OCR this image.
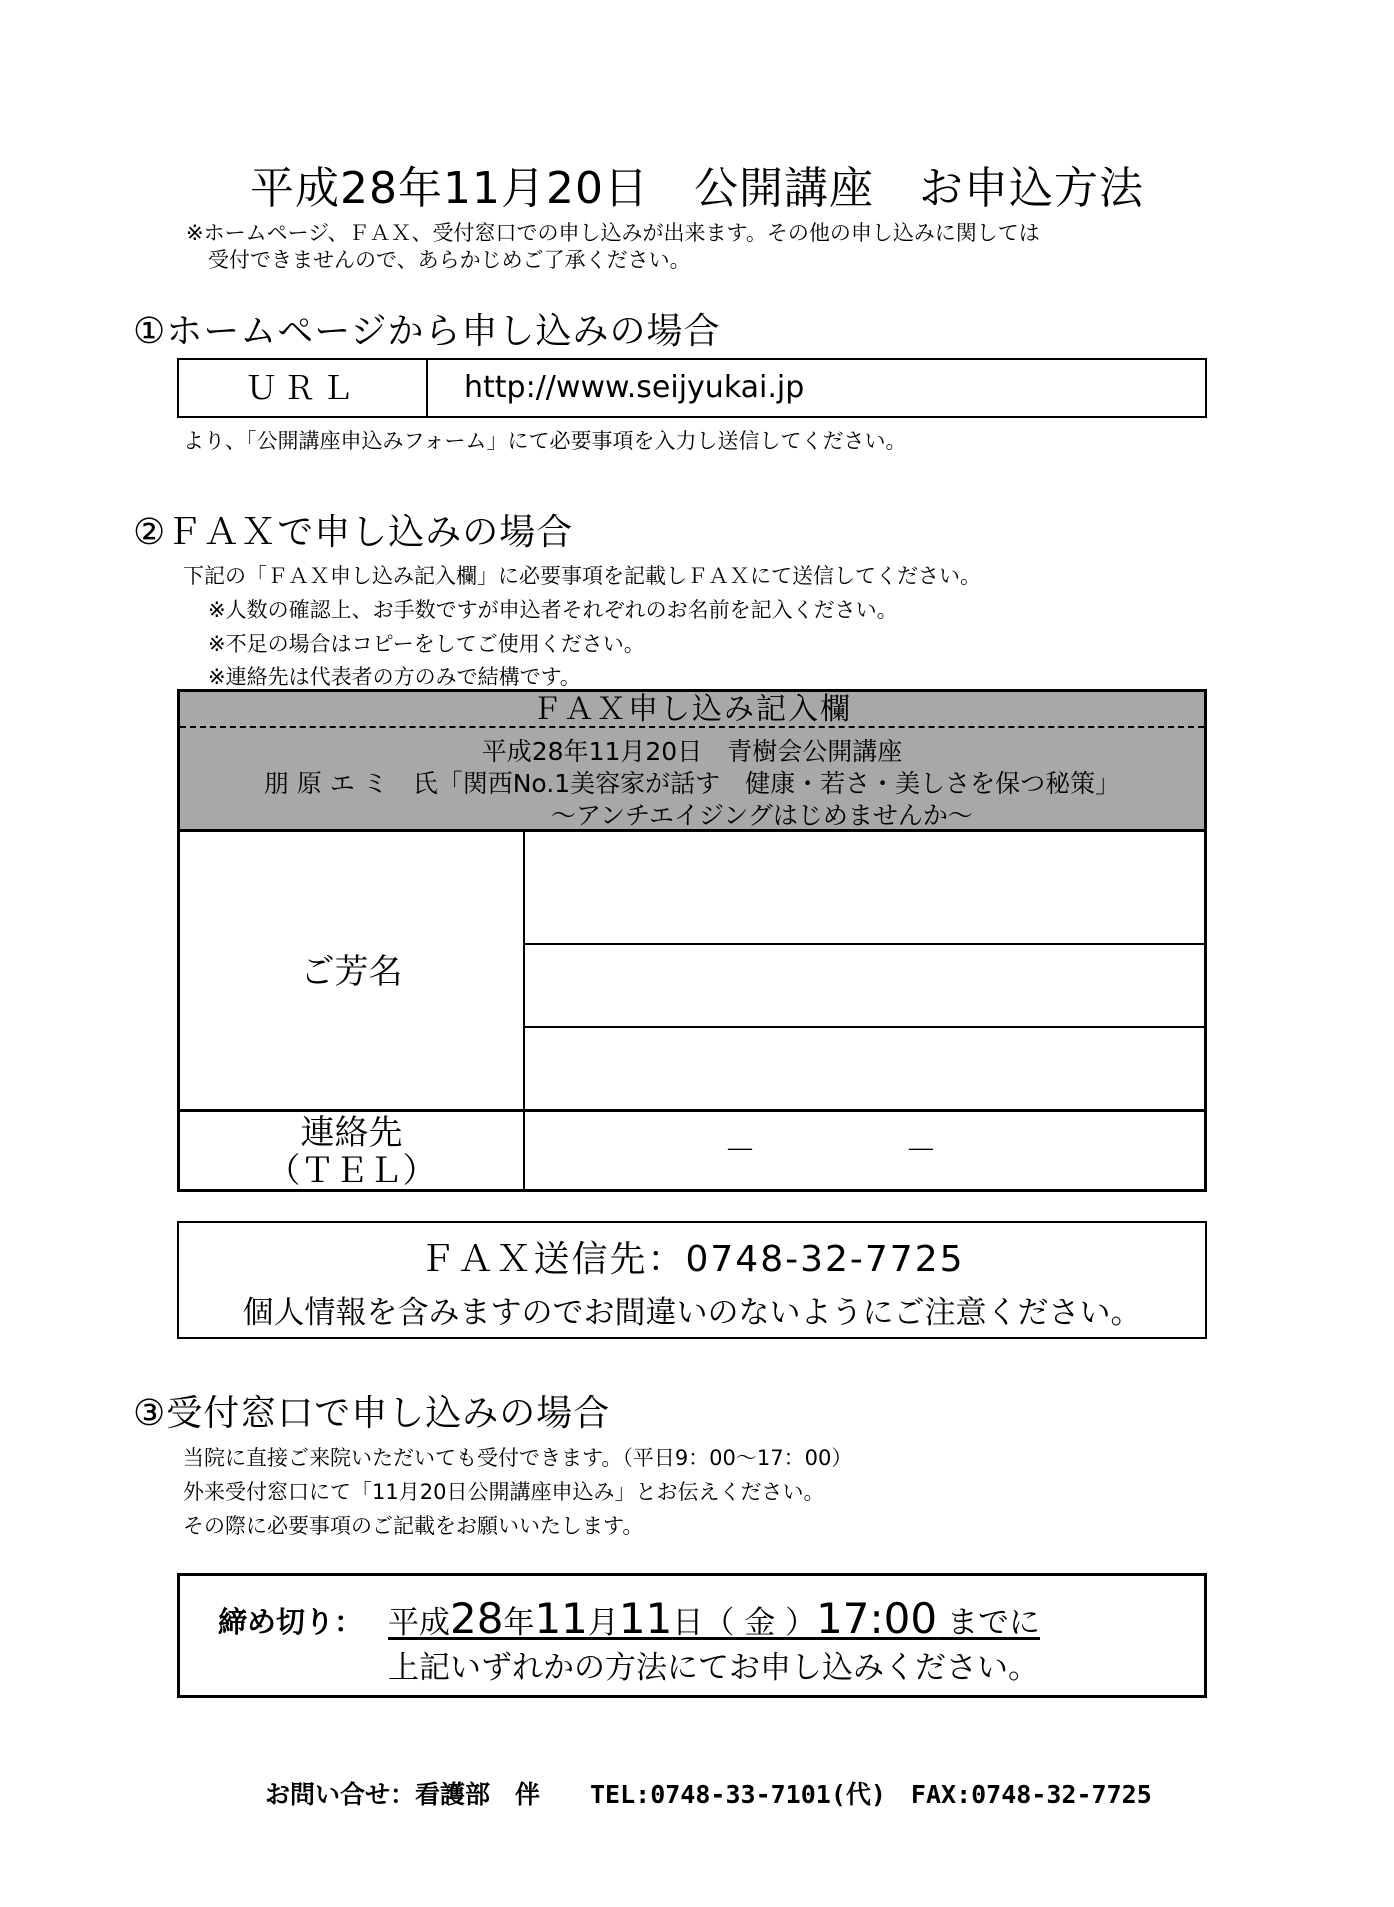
平成28年11月20日　公開講座　お申込方法
※ホームページ、ＦＡＸ、受付窓口での申し込みが出来ます。その他の申し込みに関しては
受付できませんので、あらかじめご了承ください。
①ホームページから申し込みの場合
ＵＲＬ	http://www.seijyukai.jp
より、「公開講座申込みフォーム」にて必要事項を入力し送信してください。
②ＦＡＸで申し込みの場合
下記の「ＦＡＸ申し込み記入欄」に必要事項を記載しＦＡＸにて送信してください。
※人数の確認上、お手数ですが申込者それぞれのお名前を記入ください。
※不足の場合はコピーをしてご使用ください。
※連絡先は代表者の方のみで結構です。
ＦＡＸ申し込み記入欄
平成28年11月20日　青樹会公開講座
朋 原 エ ミ　氏「関西No.1美容家が話す　健康・若さ・美しさを保つ秘策」
～アンチエイジングはじめませんか～
ご芳名
連絡先
（ＴＥＬ）
－	－
ＦＡＸ送信先：0748-32-7725
個人情報を含みますのでお間違いのないようにご注意ください。
③受付窓口で申し込みの場合
当院に直接ご来院いただいても受付できます。（平日9：00～17：00）
外来受付窓口にて「11月20日公開講座申込み」とお伝えください。
その際に必要事項のご記載をお願いいたします。
締め切り： 平成28年11月11日（ 金 ）17:00 までに
上記いずれかの方法にてお申し込みください。
お問い合せ：看護部　伴　　TEL:0748-33-7101(代)　FAX:0748-32-7725
